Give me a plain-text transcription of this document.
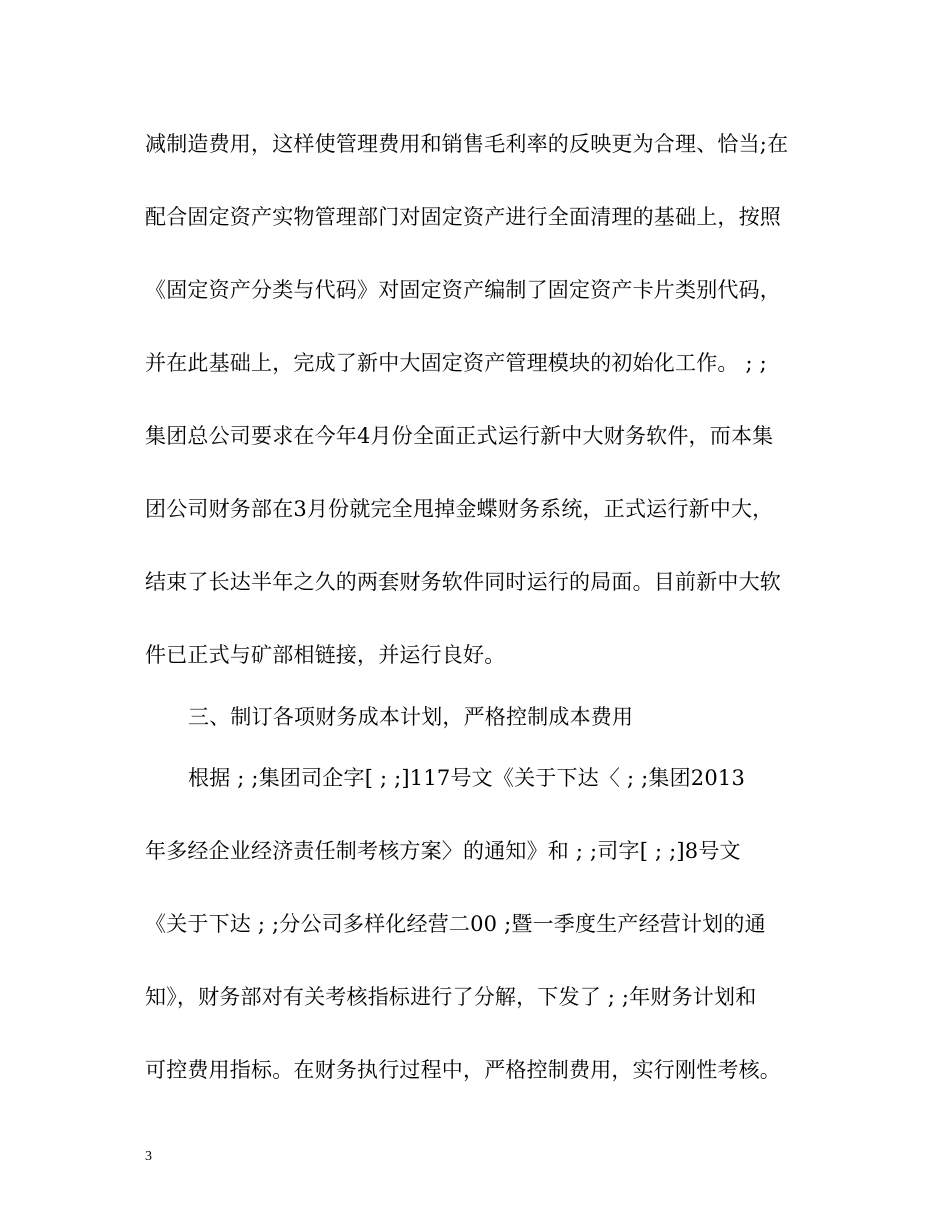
减制造费用，这样使管理费用和销售毛利率的反映更为合理、恰当;在
配合固定资产实物管理部门对固定资产进行全面清理的基础上，按照
《固定资产分类与代码》对固定资产编制了固定资产卡片类别代码，
并在此基础上，完成了新中大固定资产管理模块的初始化工作。 ; ;
集团总公司要求在今年4月份全面正式运行新中大财务软件，而本集
团公司财务部在3月份就完全甩掉金蝶财务系统，正式运行新中大，
结束了长达半年之久的两套财务软件同时运行的局面。目前新中大软
件已正式与矿部相链接，并运行良好。
三、制订各项财务成本计划，严格控制成本费用
根据 ; ;集团司企字[ ; ;]117号文《关于下达〈 ; ;集团2013
年多经企业经济责任制考核方案〉的通知》和 ; ;司字[ ; ;]8号文
《关于下达 ; ;分公司多样化经营二00 ;暨一季度生产经营计划的通
知》，财务部对有关考核指标进行了分解，下发了 ; ;年财务计划和
可控费用指标。在财务执行过程中，严格控制费用，实行刚性考核。
3
